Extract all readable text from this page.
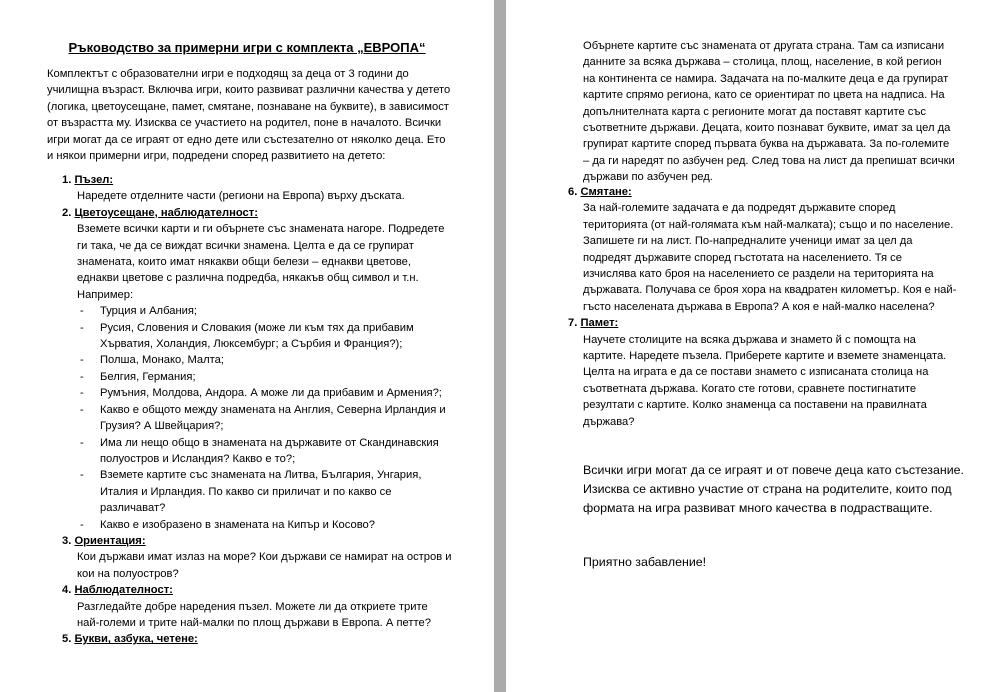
Ръководство за примерни игри с комплекта „ЕВРОПА“
Комплектът с образователни игри е подходящ за деца от 3 години до училищна възраст. Включва игри, които развиват различни качества у детето (логика, цветоусещане, памет, смятане, познаване на буквите), в зависимост от възрастта му. Изисква се участието на родител, поне в началото. Всички игри могат да се играят от едно дете или състезателно от няколко деца. Ето и някои примерни игри, подредени според развитието на детето:
1. Пъзел:
Наредете отделните части (региони на Европа) върху дъската.
2. Цветоусещане, наблюдателност:
Вземете всички карти и ги обърнете със знамената нагоре. Подредете ги така, че да се виждат всички знамена. Целта е да се групират знамената, които имат някакви общи белези – еднакви цветове, еднакви цветове с различна подредба, някакъв общ символ и т.н. Например:
- Турция и Албания;
- Русия, Словения и Словакия (може ли към тях да прибавим Хърватия, Холандия, Люксембург; а Сърбия и Франция?);
- Полша, Монако, Малта;
- Белгия, Германия;
- Румъния, Молдова, Андора. А може ли да прибавим и Армения?;
- Какво е общото между знамената на Англия, Северна Ирландия и Грузия? А Швейцария?;
- Има ли нещо общо в знамената на държавите от Скандинавския полуостров и Исландия? Какво е то?;
- Вземете картите със знамената на Литва, България, Унгария, Италия и Ирландия. По какво си приличат и по какво се различават?
- Какво е изобразено в знамената на Кипър и Косово?
3. Ориентация:
Кои държави имат излаз на море? Кои държави се намират на остров и кои на полуостров?
4. Наблюдателност:
Разгледайте добре наредения пъзел. Можете ли да откриете трите най-големи и трите най-малки по площ държави в Европа. А петте?
5. Букви, азбука, четене:
Обърнете картите със знамената от другата страна. Там са изписани данните за всяка държава – столица, площ, население, в кой регион на континента се намира. Задачата на по-малките деца е да групират картите спрямо региона, като се ориентират по цвета на надписа. На допълнителната карта с регионите могат да поставят картите със съответните държави. Децата, които познават буквите, имат за цел да групират картите според първата буква на държавата. За по-големите – да ги наредят по азбучен ред. След това на лист да препишат всички държави по азбучен ред.
6. Смятане:
За най-големите задачата е да подредят държавите според територията (от най-голямата към най-малката); също и по население. Запишете ги на лист. По-напредналите ученици имат за цел да подредят държавите според гъстотата на населението. Тя се изчислява като броя на населението се раздели на територията на държавата. Получава се броя хора на квадратен километър. Коя е най-гъсто населената държава в Европа? А коя е най-малко населена?
7. Памет:
Научете столиците на всяка държава и знамето й с помощта на картите. Наредете пъзела. Приберете картите и вземете знаменцата. Целта на играта е да се постави знамето с изписаната столица на съответната държава. Когато сте готови, сравнете постигнатите резултати с картите. Колко знаменца са поставени на правилната държава?
Всички игри могат да се играят и от повече деца като състезание. Изисква се активно участие от страна на родителите, които под формата на игра развиват много качества в подрастващите.
Приятно забавление!
